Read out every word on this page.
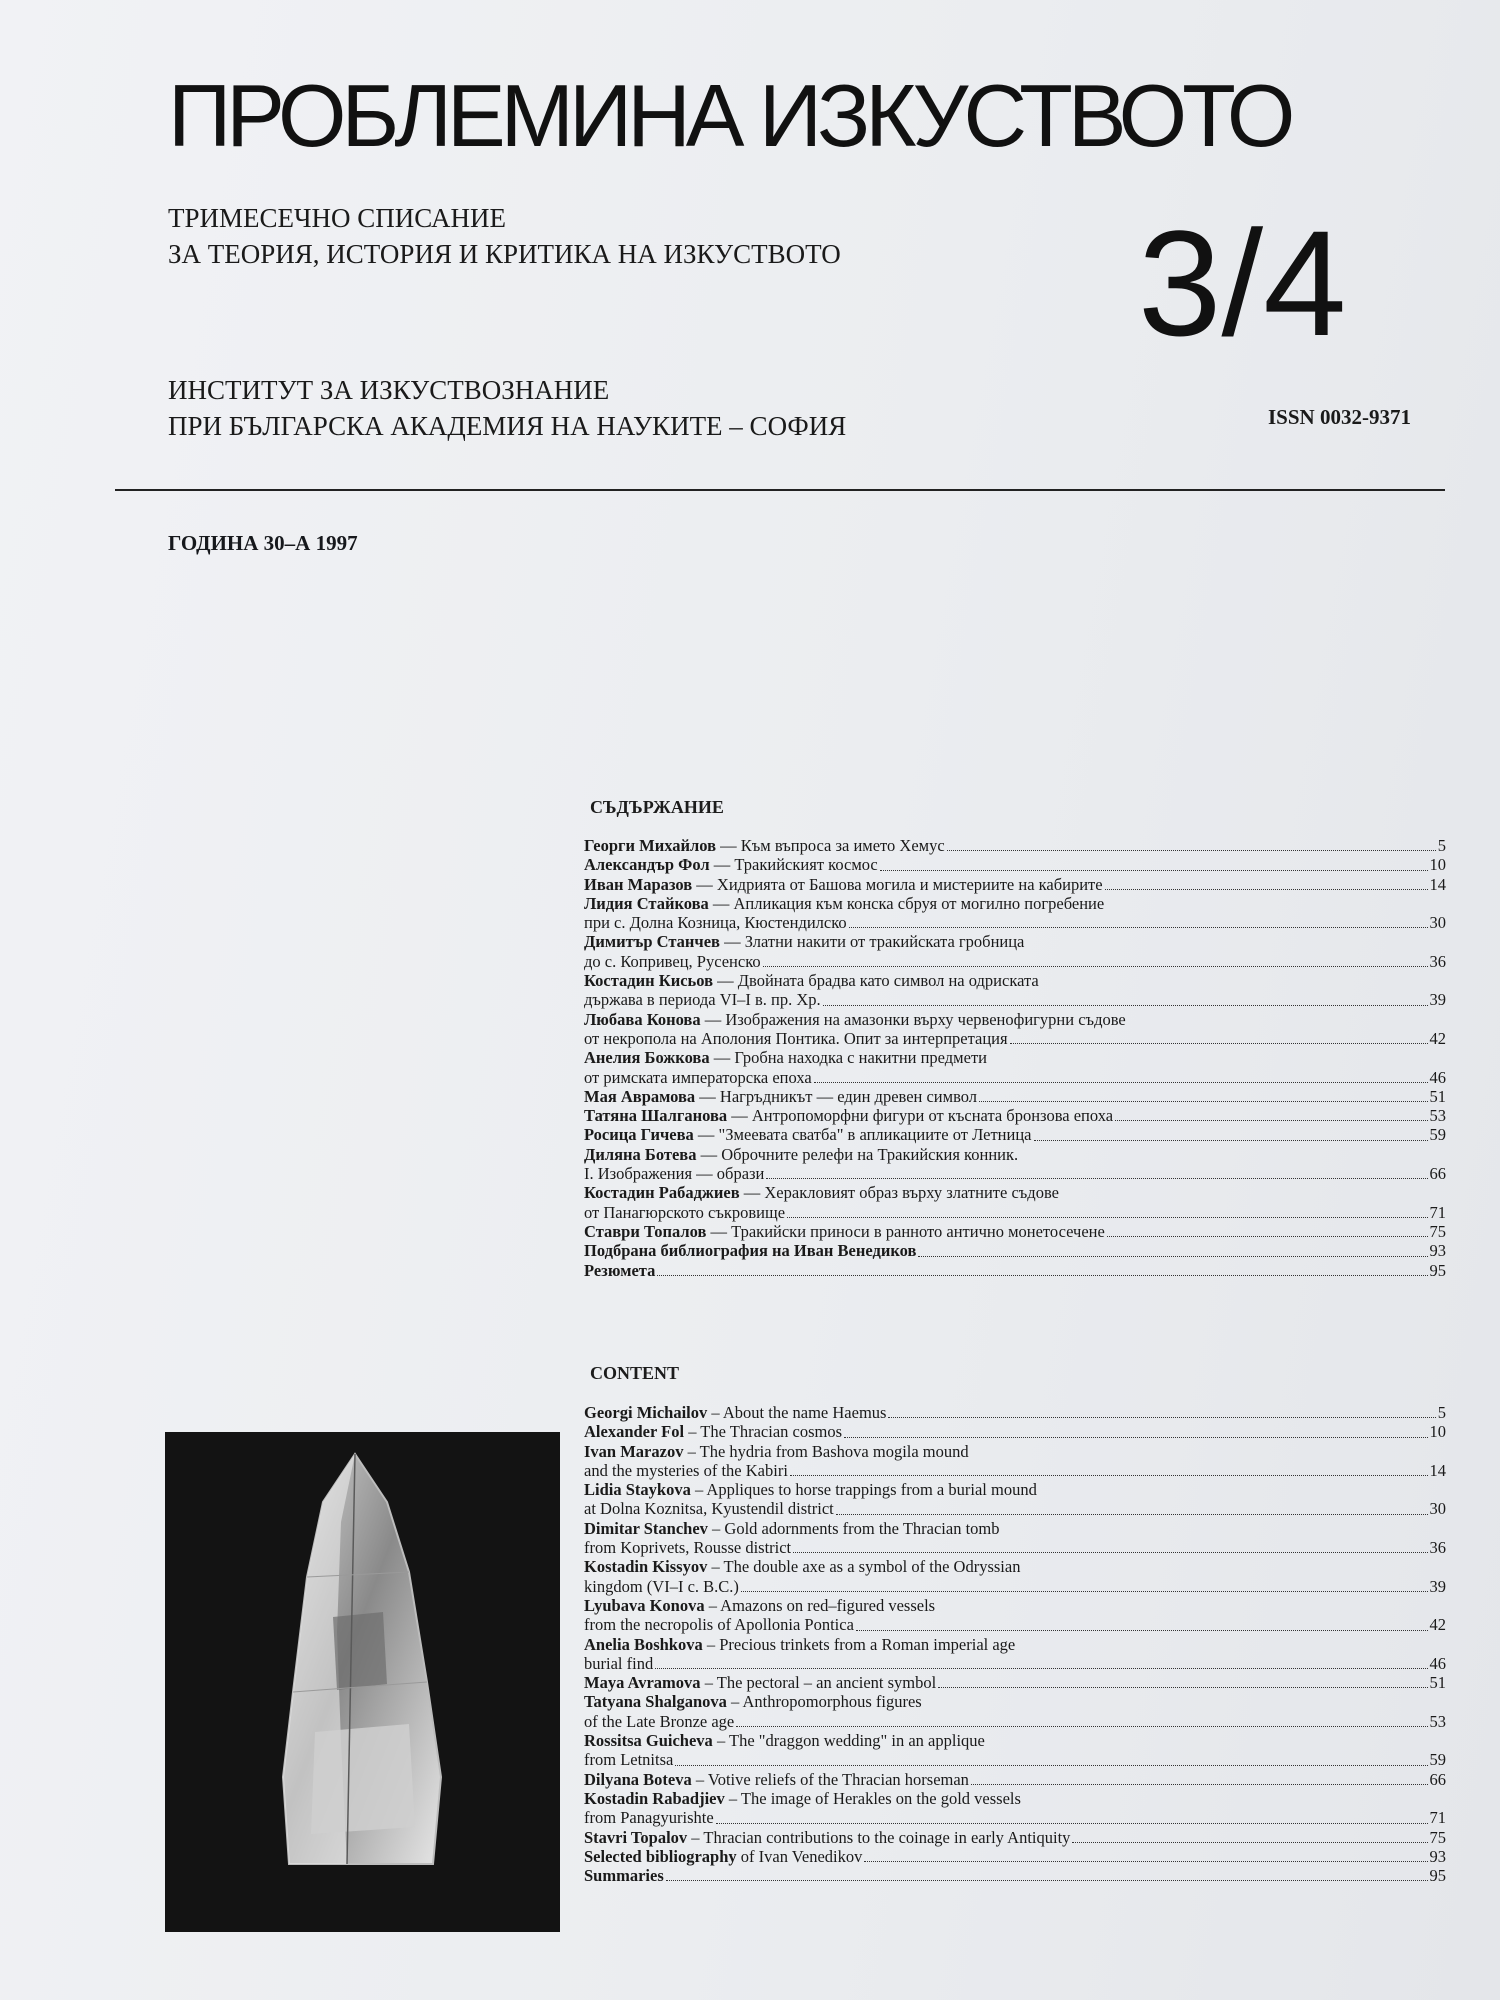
ПРОБЛЕМИНА ИЗКУСТВОТО
ТРИМЕСЕЧНО СПИСАНИЕ
ЗА ТЕОРИЯ, ИСТОРИЯ И КРИТИКА НА ИЗКУСТВОТО 3/4
ИНСТИТУТ ЗА ИЗКУСТВОЗНАНИЕ
ПРИ БЪЛГАРСКА АКАДЕМИЯ НА НАУКИТЕ – СОФИЯ	ISSN 0032-9371
ГОДИНА 30–А 1997
СЪДЪРЖАНИЕ
Георги Михайлов — Към въпроса за името Хемус	5
Александър Фол — Тракийският космос	10
Иван Маразов — Хидрията от Башова могила и мистериите на кабирите	14
Лидия Стайкова — Апликация към конска сбруя от могилно погребение
при с. Долна Козница, Кюстендилско	30
Димитър Станчев — Златни накити от тракийската гробница
до с. Копривец, Русенско	36
Костадин Кисьов — Двойната брадва като символ на одриската
държава в периода VI–I в. пр. Хр.	39
Любава Конова — Изображения на амазонки върху червенофигурни съдове
от некропола на Аполония Понтика. Опит за интерпретация	42
Анелия Божкова — Гробна находка с накитни предмети
от римската императорска епоха	46
Мая Аврамова — Нагръдникът — един древен символ	51
Татяна Шалганова — Антропоморфни фигури от късната бронзова епоха	53
Росица Гичева — "Змеевата сватба" в апликациите от Летница	59
Диляна Ботева — Оброчните релефи на Тракийския конник.
I. Изображения — образи	66
Костадин Рабаджиев — Херакловият образ върху златните съдове
от Панагюрското съкровище	71
Ставри Топалов — Тракийски приноси в ранното антично монетосечене	75
Подбрана библиография на Иван Венедиков	93
Резюмета	95
CONTENT
Georgi Michailov – About the name Haemus	5
Alexander Fol – The Thracian cosmos	10
Ivan Marazov – The hydria from Bashova mogila mound
and the mysteries of the Kabiri	14
Lidia Staykova – Appliques to horse trappings from a burial mound
at Dolna Koznitsa, Kyustendil district	30
Dimitar Stanchev – Gold adornments from the Thracian tomb
from Koprivets, Rousse district	36
Kostadin Kissyov – The double axe as a symbol of the Odryssian
kingdom (VI–I c. B.C.)	39
Lyubava Konova – Amazons on red–figured vessels
from the necropolis of Apollonia Pontica	42
Anelia Boshkova – Precious trinkets from a Roman imperial age
burial find	46
Maya Avramova – The pectoral – an ancient symbol	51
Tatyana Shalganova – Anthropomorphous figures
of the Late Bronze age	53
Rossitsa Guicheva – The "draggon wedding" in an applique
from Letnitsa	59
Dilyana Boteva – Votive reliefs of the Thracian horseman	66
Kostadin Rabadjiev – The image of Herakles on the gold vessels
from Panagyurishte	71
Stavri Topalov – Thracian contributions to the coinage in early Antiquity	75
Selected bibliography of Ivan Venedikov	93
Summaries	95
